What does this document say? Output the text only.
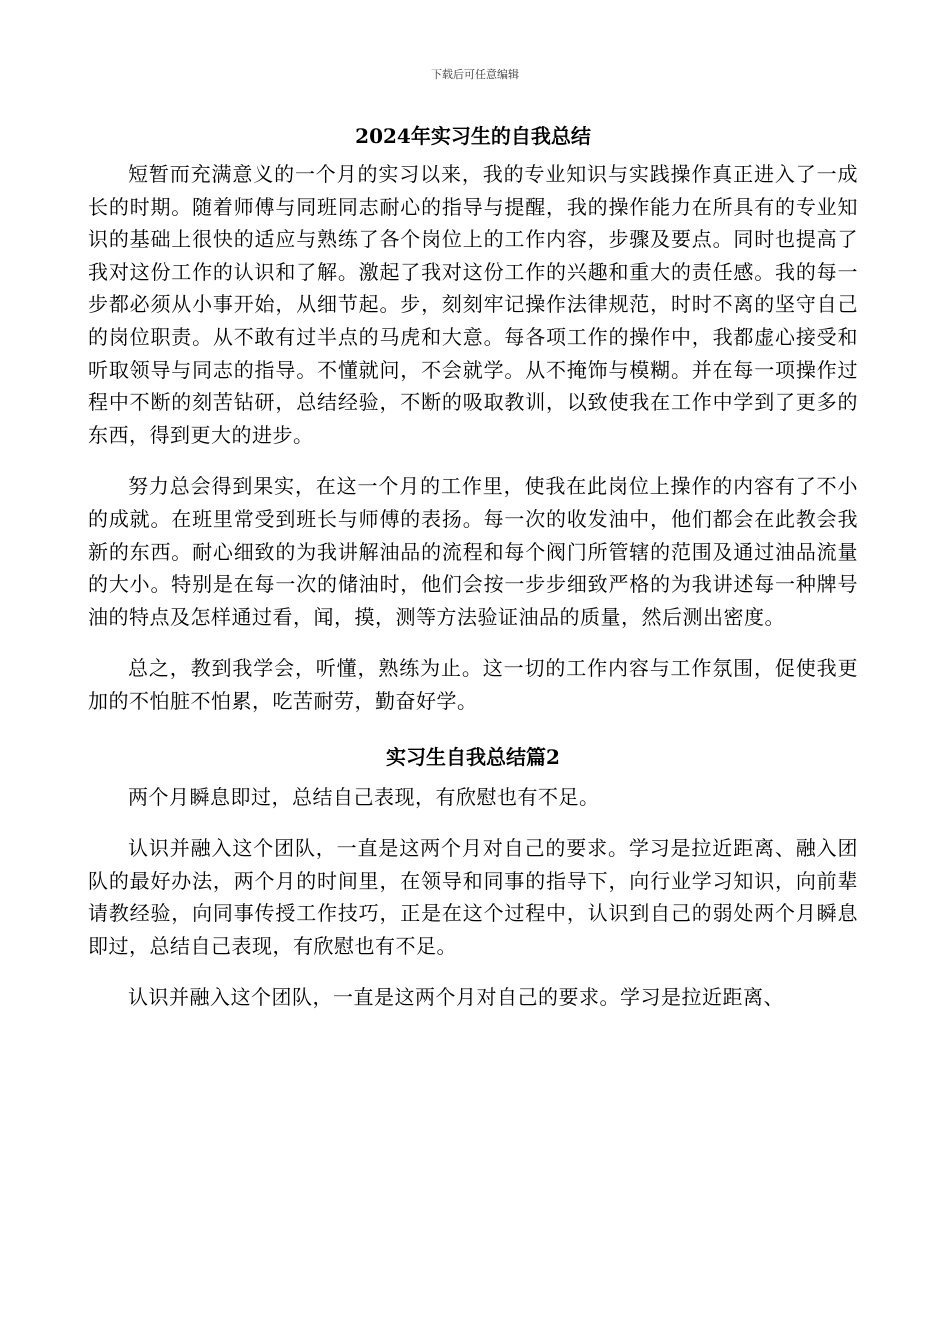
下载后可任意编辑
2024年实习生的自我总结

短暂而充满意义的一个月的实习以来，我的专业知识与实践操作真正进入了一成长的时期。随着师傅与同班同志耐心的指导与提醒，我的操作能力在所具有的专业知识的基础上很快的适应与熟练了各个岗位上的工作内容，步骤及要点。同时也提高了我对这份工作的认识和了解。激起了我对这份工作的兴趣和重大的责任感。我的每一步都必须从小事开始，从细节起。步，刻刻牢记操作法律规范，时时不离的坚守自己的岗位职责。从不敢有过半点的马虎和大意。每各项工作的操作中，我都虚心接受和听取领导与同志的指导。不懂就问，不会就学。从不掩饰与模糊。并在每一项操作过程中不断的刻苦钻研，总结经验，不断的吸取教训，以致使我在工作中学到了更多的东西，得到更大的进步。

努力总会得到果实，在这一个月的工作里，使我在此岗位上操作的内容有了不小的成就。在班里常受到班长与师傅的表扬。每一次的收发油中，他们都会在此教会我新的东西。耐心细致的为我讲解油品的流程和每个阀门所管辖的范围及通过油品流量的大小。特别是在每一次的储油时，他们会按一步步细致严格的为我讲述每一种牌号油的特点及怎样通过看，闻，摸，测等方法验证油品的质量，然后测出密度。

总之，教到我学会，听懂，熟练为止。这一切的工作内容与工作氛围，促使我更加的不怕脏不怕累，吃苦耐劳，勤奋好学。

实习生自我总结篇2

两个月瞬息即过，总结自己表现，有欣慰也有不足。

认识并融入这个团队，一直是这两个月对自己的要求。学习是拉近距离、融入团队的最好办法，两个月的时间里，在领导和同事的指导下，向行业学习知识，向前辈请教经验，向同事传授工作技巧，正是在这个过程中，认识到自己的弱处两个月瞬息即过，总结自己表现，有欣慰也有不足。

认识并融入这个团队，一直是这两个月对自己的要求。学习是拉近距离、
